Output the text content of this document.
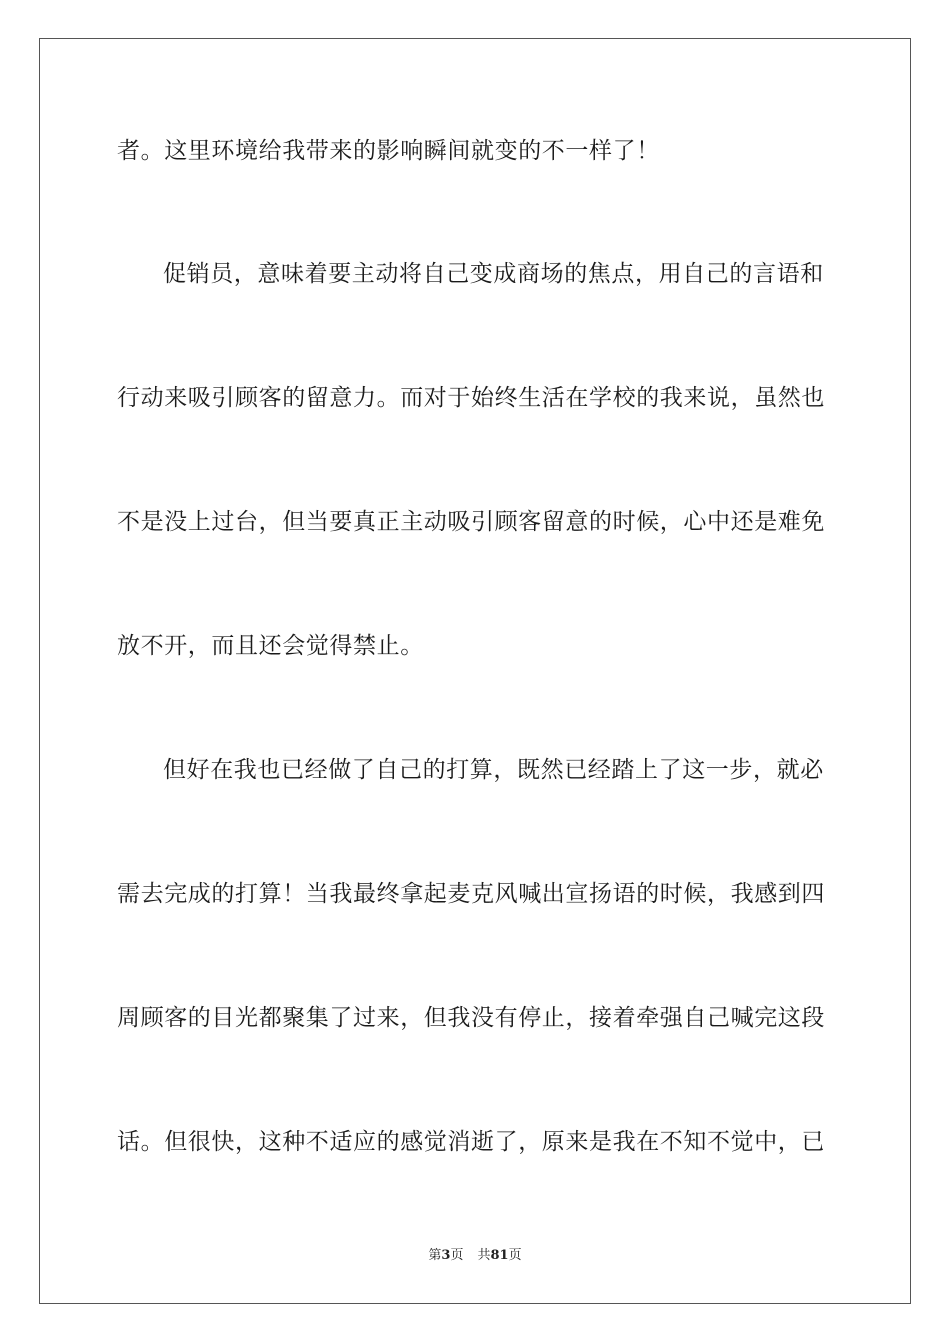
者。这里环境给我带来的影响瞬间就变的不一样了！
促销员，意味着要主动将自己变成商场的焦点，用自己的言语和
行动来吸引顾客的留意力。而对于始终生活在学校的我来说，虽然也
不是没上过台，但当要真正主动吸引顾客留意的时候，心中还是难免
放不开，而且还会觉得禁止。
但好在我也已经做了自己的打算，既然已经踏上了这一步，就必
需去完成的打算！当我最终拿起麦克风喊出宣扬语的时候，我感到四
周顾客的目光都聚集了过来，但我没有停止，接着牵强自己喊完这段
话。但很快，这种不适应的感觉消逝了，原来是我在不知不觉中，已
第3页 共81页
